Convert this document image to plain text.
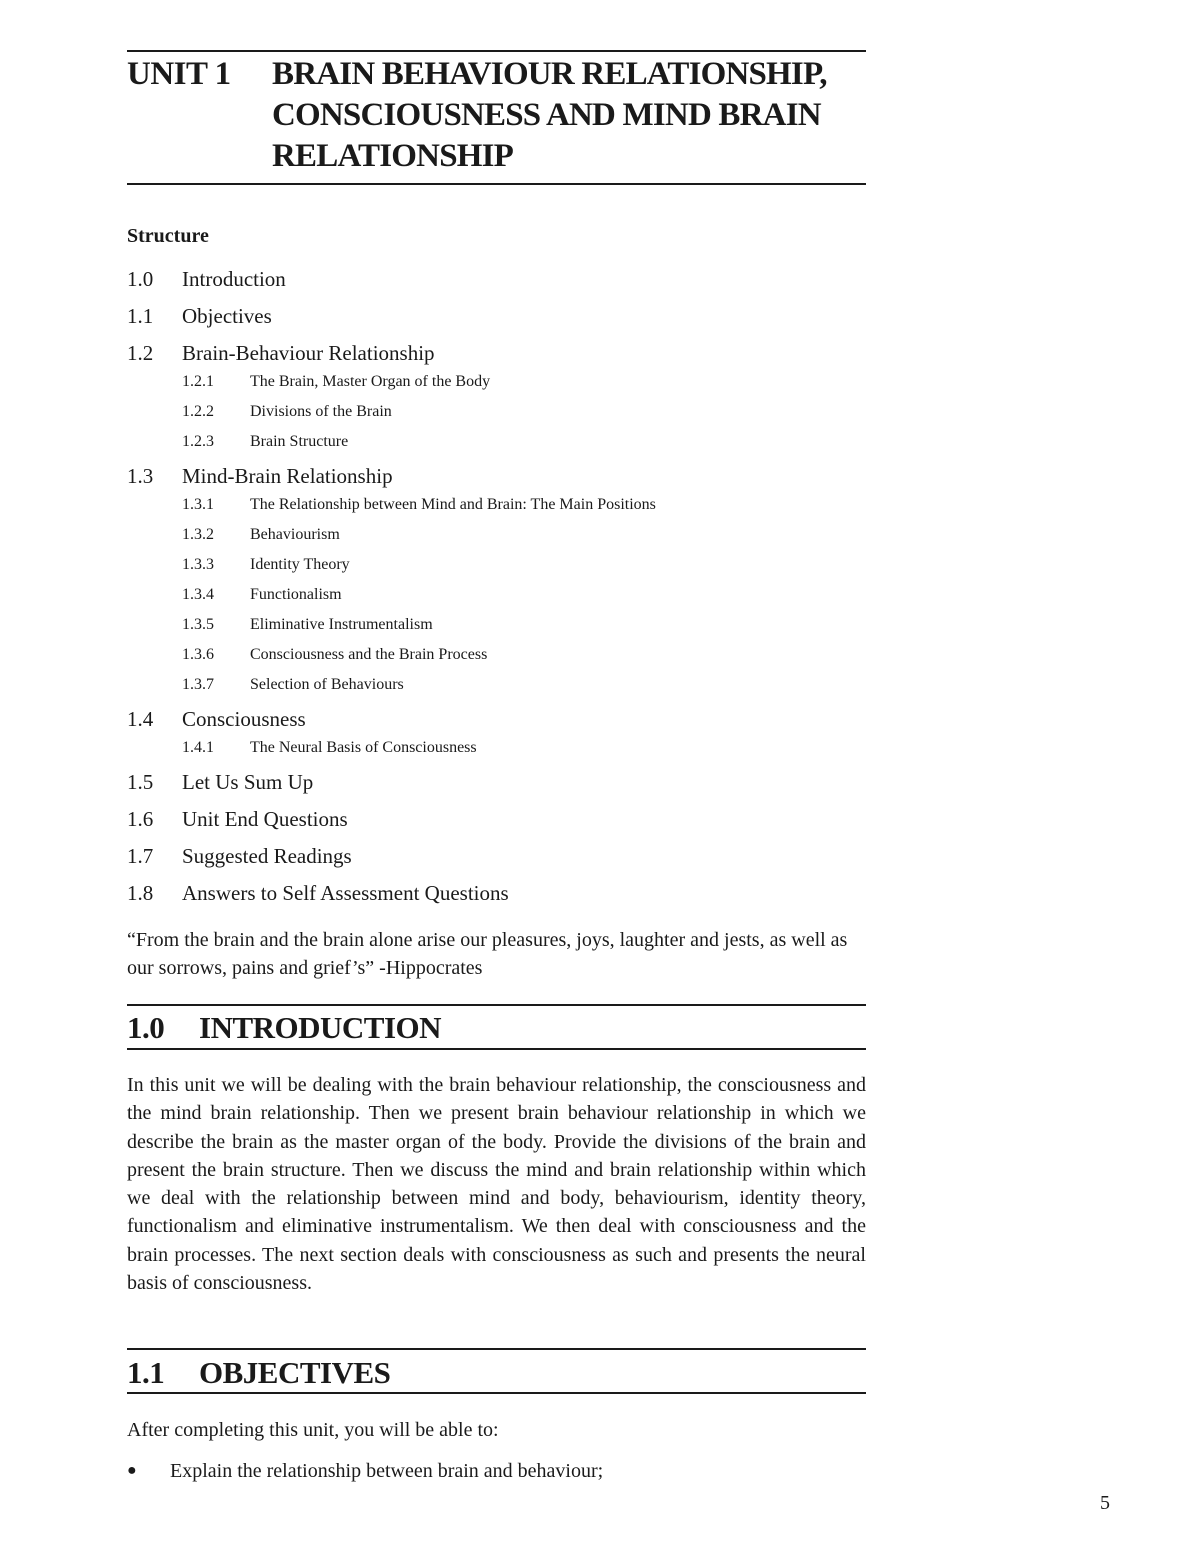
UNIT 1 BRAIN BEHAVIOUR RELATIONSHIP,
CONSCIOUSNESS AND MIND BRAIN
RELATIONSHIP
Structure
1.0 Introduction
1.1 Objectives
1.2 Brain-Behaviour Relationship
1.2.1 The Brain, Master Organ of the Body
1.2.2 Divisions of the Brain
1.2.3 Brain Structure
1.3 Mind-Brain Relationship
1.3.1 The Relationship between Mind and Brain: The Main Positions
1.3.2 Behaviourism
1.3.3 Identity Theory
1.3.4 Functionalism
1.3.5 Eliminative Instrumentalism
1.3.6 Consciousness and the Brain Process
1.3.7 Selection of Behaviours
1.4 Consciousness
1.4.1 The Neural Basis of Consciousness
1.5 Let Us Sum Up
1.6 Unit End Questions
1.7 Suggested Readings
1.8 Answers to Self Assessment Questions
“From the brain and the brain alone arise our pleasures, joys, laughter and jests, as well as our sorrows, pains and grief’s” -Hippocrates
1.0 INTRODUCTION
In this unit we will be dealing with the brain behaviour relationship, the consciousness and the mind brain relationship. Then we present brain behaviour relationship in which we describe the brain as the master organ of the body. Provide the divisions of the brain and present the brain structure. Then we discuss the mind and brain relationship within which we deal with the relationship between mind and body, behaviourism, identity theory, functionalism and eliminative instrumentalism. We then deal with consciousness and the brain processes. The next section deals with consciousness as such and presents the neural basis of consciousness.
1.1 OBJECTIVES
After completing this unit, you will be able to:
● Explain the relationship between brain and behaviour;
5
